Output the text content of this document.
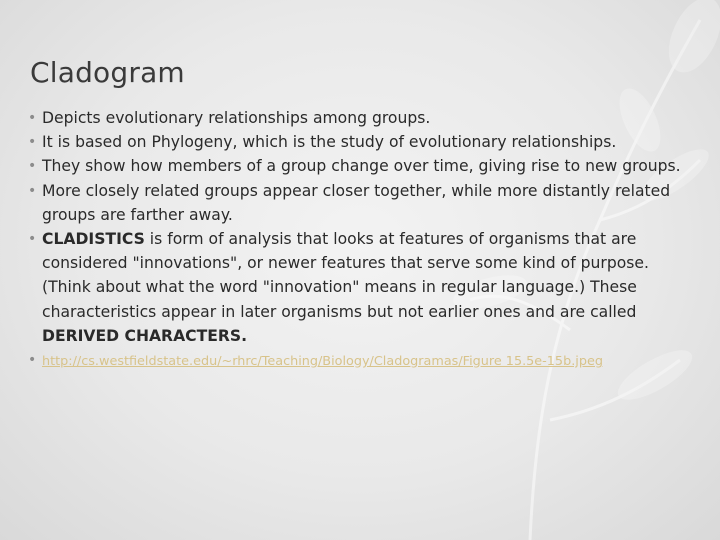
Cladogram
• Depicts evolutionary relationships among groups.
• It is based on Phylogeny, which is the study of evolutionary relationships.
• They show how members of a group change over time, giving rise to new groups.
• More closely related groups appear closer together, while more distantly related groups are farther away.
• CLADISTICS is form of analysis that looks at features of organisms that are considered "innovations", or newer features that serve some kind of purpose. (Think about what the word "innovation" means in regular language.) These characteristics appear in later organisms but not earlier ones and are called DERIVED CHARACTERS.
• http://cs.westfieldstate.edu/~rhrc/Teaching/Biology/Cladogramas/Figure 15.5e-15b.jpeg
